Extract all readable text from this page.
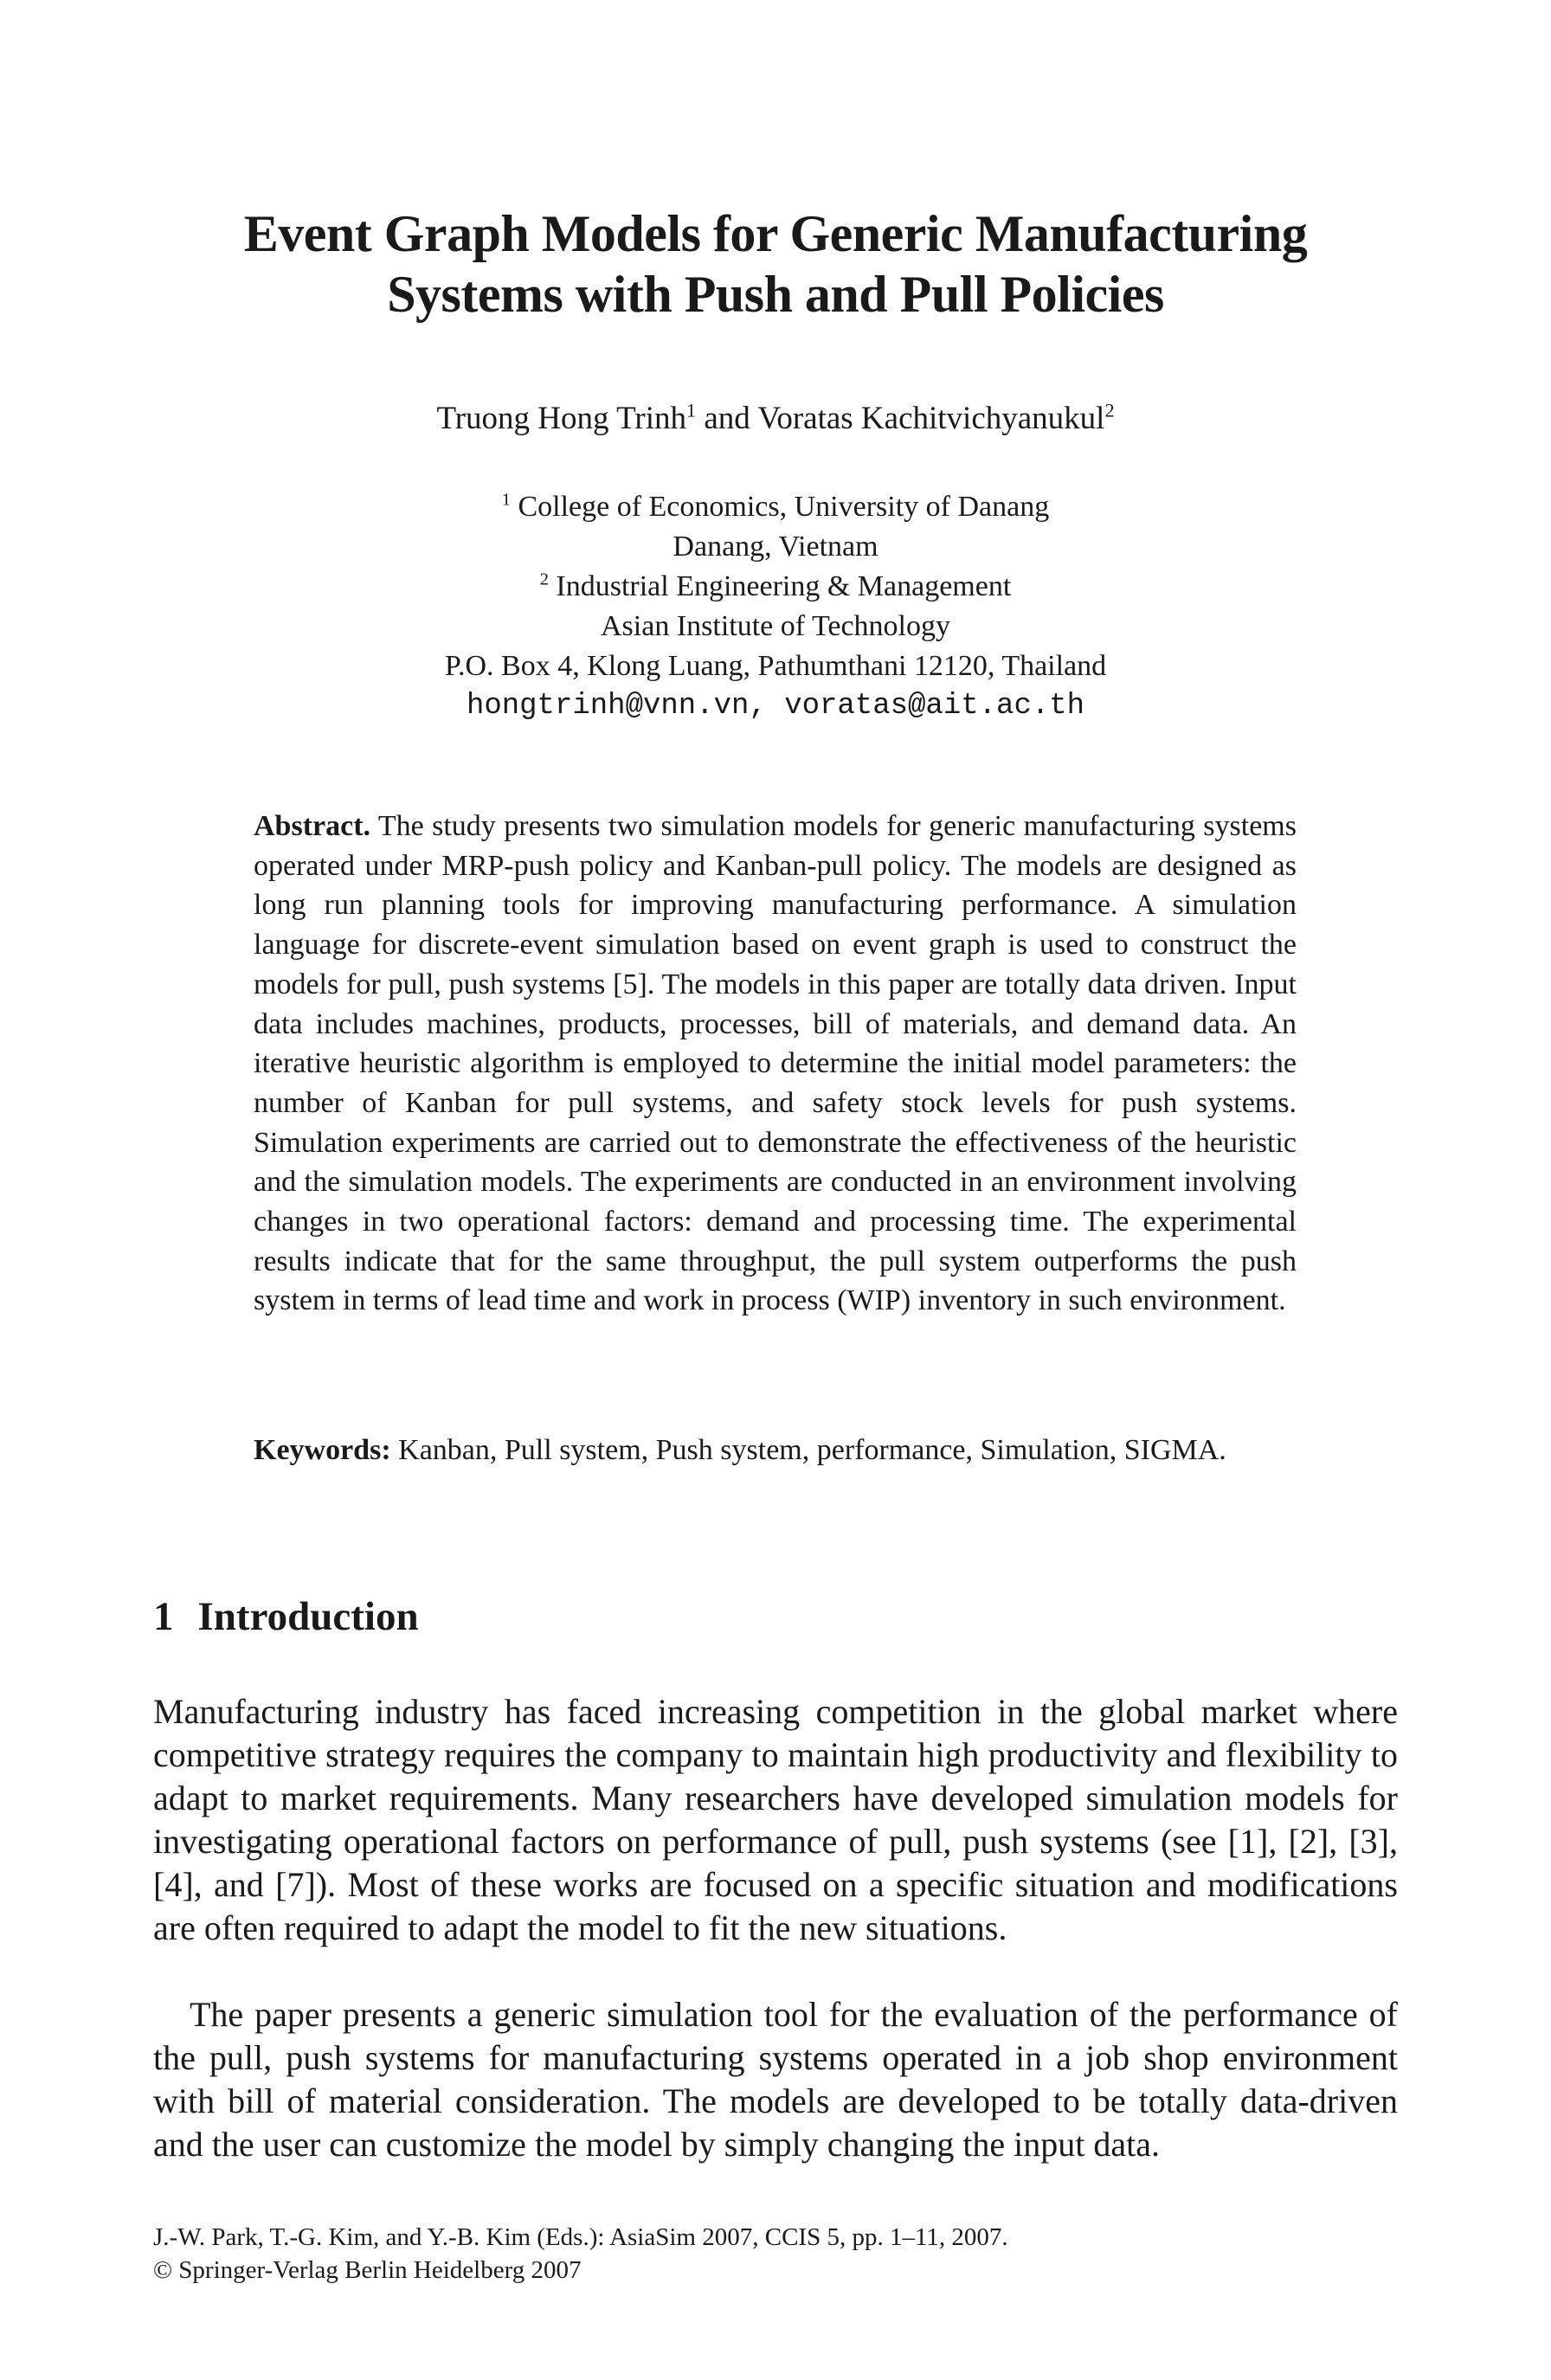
Event Graph Models for Generic Manufacturing
Systems with Push and Pull Policies
Truong Hong Trinh$^1$ and Voratas Kachitvichyanukul$^2$
$^1$ College of Economics, University of Danang
Danang, Vietnam
$^2$ Industrial Engineering & Management
Asian Institute of Technology
P.O. Box 4, Klong Luang, Pathumthani 12120, Thailand
hongtrinh@vnn.vn, voratas@ait.ac.th
Abstract. The study presents two simulation models for generic manufacturing systems operated under MRP-push policy and Kanban-pull policy. The models are designed as long run planning tools for improving manufacturing performance. A simulation language for discrete-event simulation based on event graph is used to construct the models for pull, push systems [5]. The models in this paper are totally data driven. Input data includes machines, products, processes, bill of materials, and demand data. An iterative heuristic algorithm is employed to determine the initial model parameters: the number of Kanban for pull systems, and safety stock levels for push systems. Simulation experiments are carried out to demonstrate the effectiveness of the heuristic and the simulation models. The experiments are conducted in an environment involving changes in two operational factors: demand and processing time. The experimental results indicate that for the same throughput, the pull system outperforms the push system in terms of lead time and work in process (WIP) inventory in such environment.
Keywords: Kanban, Pull system, Push system, performance, Simulation, SIGMA.
1 Introduction
Manufacturing industry has faced increasing competition in the global market where competitive strategy requires the company to maintain high productivity and flexibility to adapt to market requirements. Many researchers have developed simulation models for investigating operational factors on performance of pull, push systems (see [1], [2], [3], [4], and [7]). Most of these works are focused on a specific situation and modifications are often required to adapt the model to fit the new situations.
The paper presents a generic simulation tool for the evaluation of the performance of the pull, push systems for manufacturing systems operated in a job shop environment with bill of material consideration. The models are developed to be totally data-driven and the user can customize the model by simply changing the input data.
J.-W. Park, T.-G. Kim, and Y.-B. Kim (Eds.): AsiaSim 2007, CCIS 5, pp. 1–11, 2007.
© Springer-Verlag Berlin Heidelberg 2007
